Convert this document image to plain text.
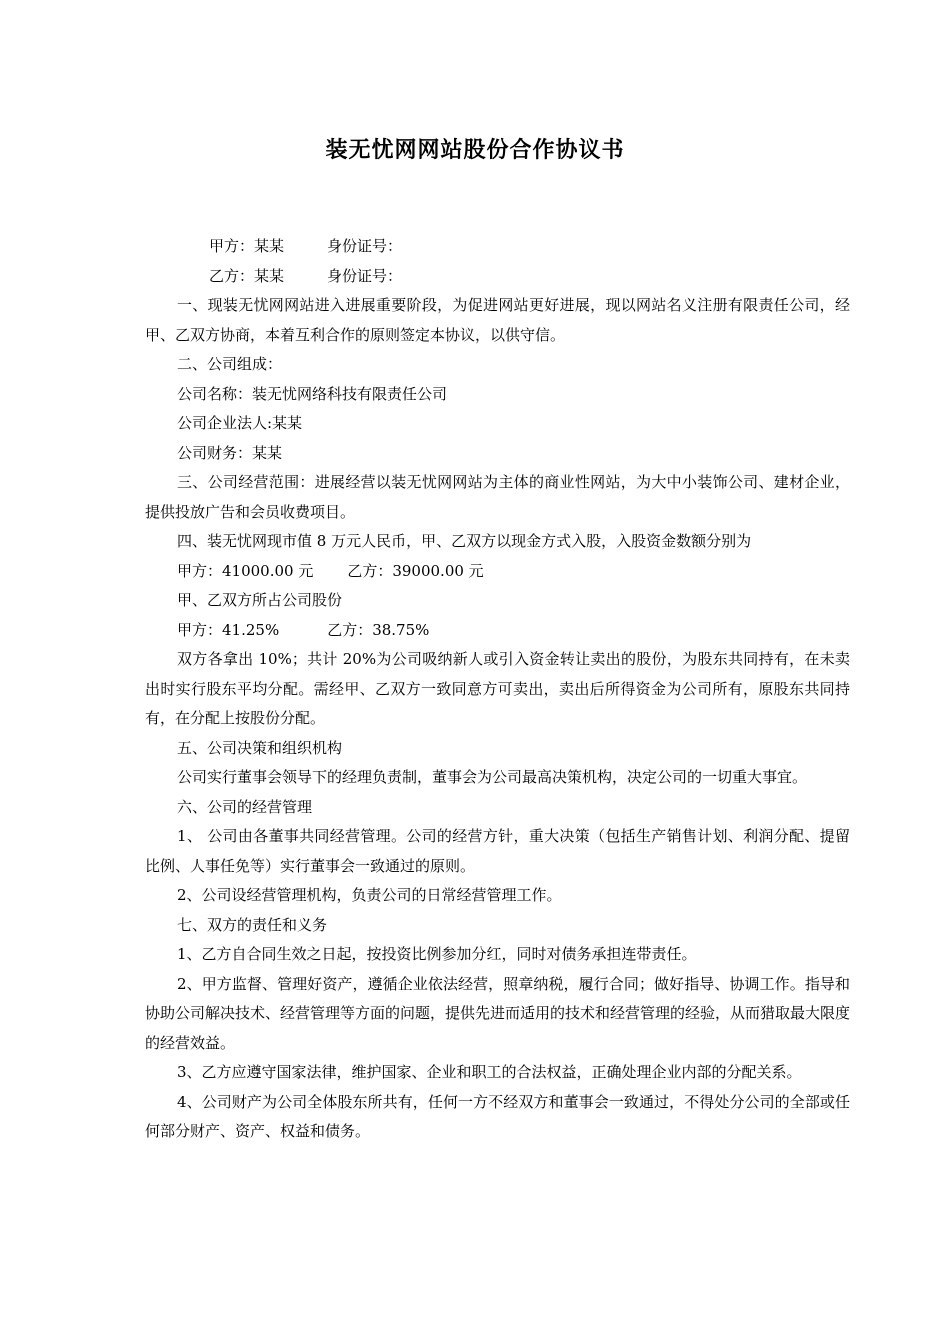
装无忧网网站股份合作协议书

甲方：某某	身份证号：

乙方：某某	身份证号：

一、现装无忧网网站进入进展重要阶段，为促进网站更好进展，现以网站名义注册有限责任公司，经甲、乙双方协商，本着互利合作的原则签定本协议，以供守信。

二、公司组成：

公司名称：装无忧网络科技有限责任公司

公司企业法人:某某

公司财务：某某

三、公司经营范围：进展经营以装无忧网网站为主体的商业性网站，为大中小装饰公司、建材企业，提供投放广告和会员收费项目。

四、装无忧网现市值 8 万元人民币，甲、乙双方以现金方式入股，入股资金数额分别为

甲方：41000.00 元 乙方：39000.00 元

甲、乙双方所占公司股份

甲方：41.25%	乙方：38.75%

双方各拿出 10%；共计 20%为公司吸纳新人或引入资金转让卖出的股份，为股东共同持有，在未卖出时实行股东平均分配。需经甲、乙双方一致同意方可卖出，卖出后所得资金为公司所有，原股东共同持有，在分配上按股份分配。

五、公司决策和组织机构

公司实行董事会领导下的经理负责制，董事会为公司最高决策机构，决定公司的一切重大事宜。

六、公司的经营管理

1、 公司由各董事共同经营管理。公司的经营方针，重大决策（包括生产销售计划、利润分配、提留比例、人事任免等）实行董事会一致通过的原则。

2、公司设经营管理机构，负责公司的日常经营管理工作。

七、双方的责任和义务

1、乙方自合同生效之日起，按投资比例参加分红，同时对债务承担连带责任。

2、甲方监督、管理好资产，遵循企业依法经营，照章纳税，履行合同；做好指导、协调工作。指导和协助公司解决技术、经营管理等方面的问题，提供先进而适用的技术和经营管理的经验，从而猎取最大限度的经营效益。

3、乙方应遵守国家法律，维护国家、企业和职工的合法权益，正确处理企业内部的分配关系。

4、公司财产为公司全体股东所共有，任何一方不经双方和董事会一致通过，不得处分公司的全部或任何部分财产、资产、权益和债务。
